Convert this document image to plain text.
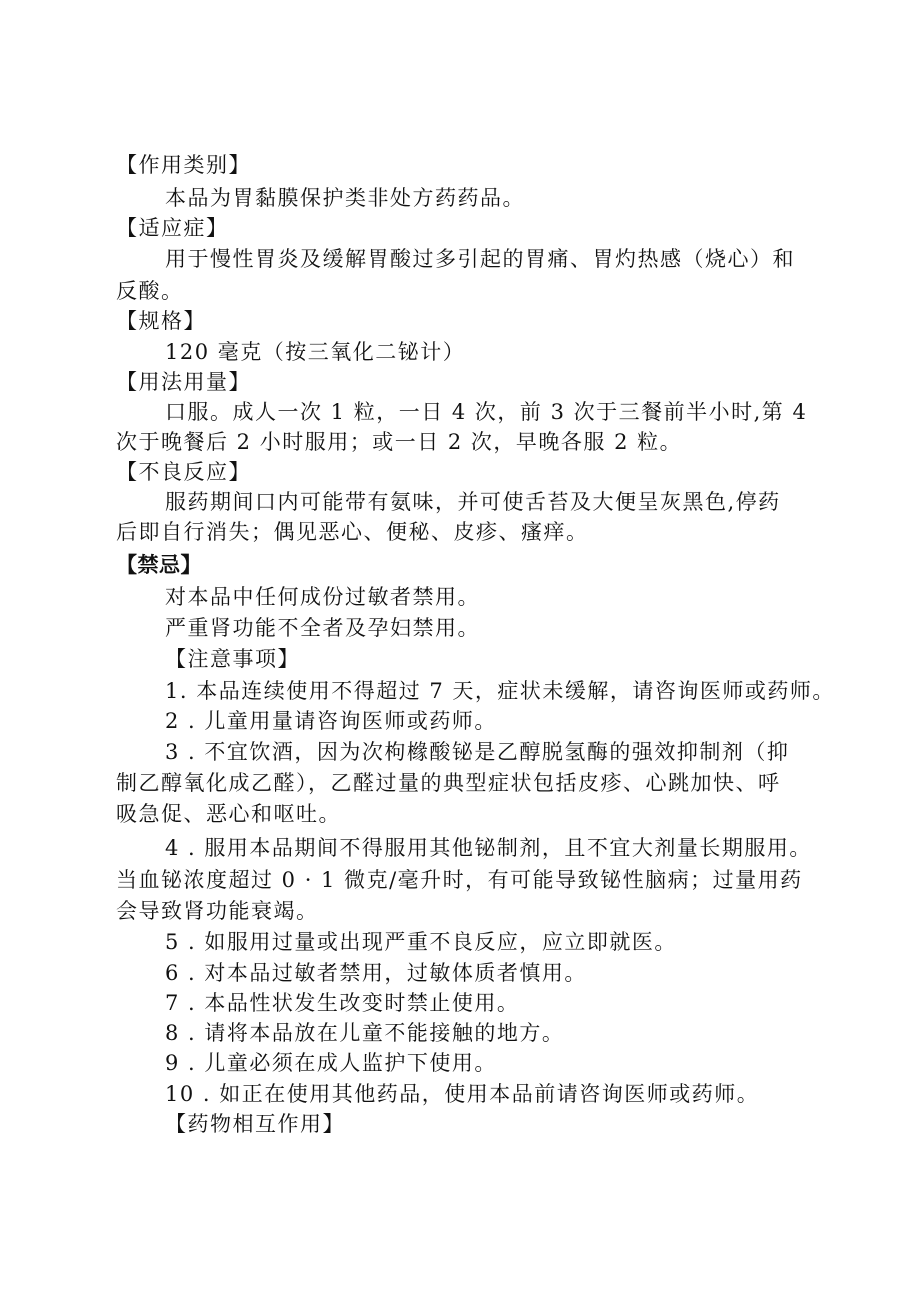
【作用类别】
本品为胃黏膜保护类非处方药药品。
【适应症】
用于慢性胃炎及缓解胃酸过多引起的胃痛、胃灼热感（烧心）和
反酸。
【规格】
120 毫克（按三氧化二铋计）
【用法用量】
口服。成人一次 1 粒，一日 4 次，前 3 次于三餐前半小时,第 4
次于晚餐后 2 小时服用；或一日 2 次，早晚各服 2 粒。
【不良反应】
服药期间口内可能带有氨味，并可使舌苔及大便呈灰黑色,停药
后即自行消失；偶见恶心、便秘、皮疹、瘙痒。
【禁忌】
对本品中任何成份过敏者禁用。
严重肾功能不全者及孕妇禁用。
【注意事项】
1. 本品连续使用不得超过 7 天，症状未缓解，请咨询医师或药师。
2 . 儿童用量请咨询医师或药师。
3 . 不宜饮酒，因为次枸橼酸铋是乙醇脱氢酶的强效抑制剂（抑
制乙醇氧化成乙醛），乙醛过量的典型症状包括皮疹、心跳加快、呼
吸急促、恶心和呕吐。
4 . 服用本品期间不得服用其他铋制剂，且不宜大剂量长期服用。
当血铋浓度超过 0 · 1 微克/毫升时，有可能导致铋性脑病；过量用药
会导致肾功能衰竭。
5 . 如服用过量或出现严重不良反应，应立即就医。
6 . 对本品过敏者禁用，过敏体质者慎用。
7 . 本品性状发生改变时禁止使用。
8 . 请将本品放在儿童不能接触的地方。
9 . 儿童必须在成人监护下使用。
10 . 如正在使用其他药品，使用本品前请咨询医师或药师。
【药物相互作用】
